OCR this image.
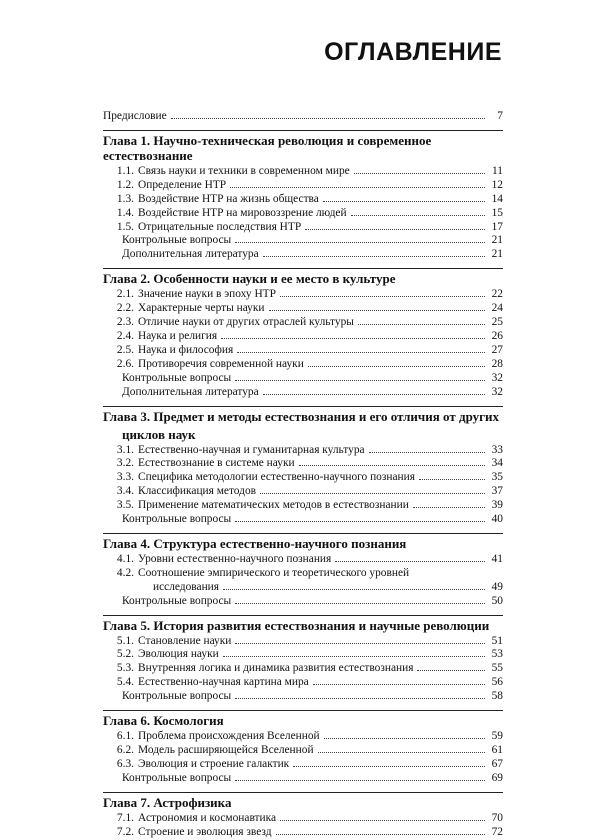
ОГЛАВЛЕНИЕ
Предисловие	7
Глава 1. Научно-техническая революция и современное естествознание
1.1. Связь науки и техники в современном мире	11
1.2. Определение НТР	12
1.3. Воздействие НТР на жизнь общества	14
1.4. Воздействие НТР на мировоззрение людей	15
1.5. Отрицательные последствия НТР	17
Контрольные вопросы	21
Дополнительная литература	21
Глава 2. Особенности науки и ее место в культуре
2.1. Значение науки в эпоху НТР	22
2.2. Характерные черты науки	24
2.3. Отличие науки от других отраслей культуры	25
2.4. Наука и религия	26
2.5. Наука и философия	27
2.6. Противоречия современной науки	28
Контрольные вопросы	32
Дополнительная литература	32
Глава 3. Предмет и методы естествознания и его отличия от других
циклов наук
3.1. Естественно-научная и гуманитарная культура	33
3.2. Естествознание в системе науки	34
3.3. Специфика методологии естественно-научного познания	35
3.4. Классификация методов	37
3.5. Применение математических методов в естествознании	39
Контрольные вопросы	40
Глава 4. Структура естественно-научного познания
4.1. Уровни естественно-научного познания	41
4.2. Соотношение эмпирического и теоретического уровней
исследования	49
Контрольные вопросы	50
Глава 5. История развития естествознания и научные революции
5.1. Становление науки	51
5.2. Эволюция науки	53
5.3. Внутренняя логика и динамика развития естествознания	55
5.4. Естественно-научная картина мира	56
Контрольные вопросы	58
Глава 6. Космология
6.1. Проблема происхождения Вселенной	59
6.2. Модель расширяющейся Вселенной	61
6.3. Эволюция и строение галактик	67
Контрольные вопросы	69
Глава 7. Астрофизика
7.1. Астрономия и космонавтика	70
7.2. Строение и эволюция звезд	72
